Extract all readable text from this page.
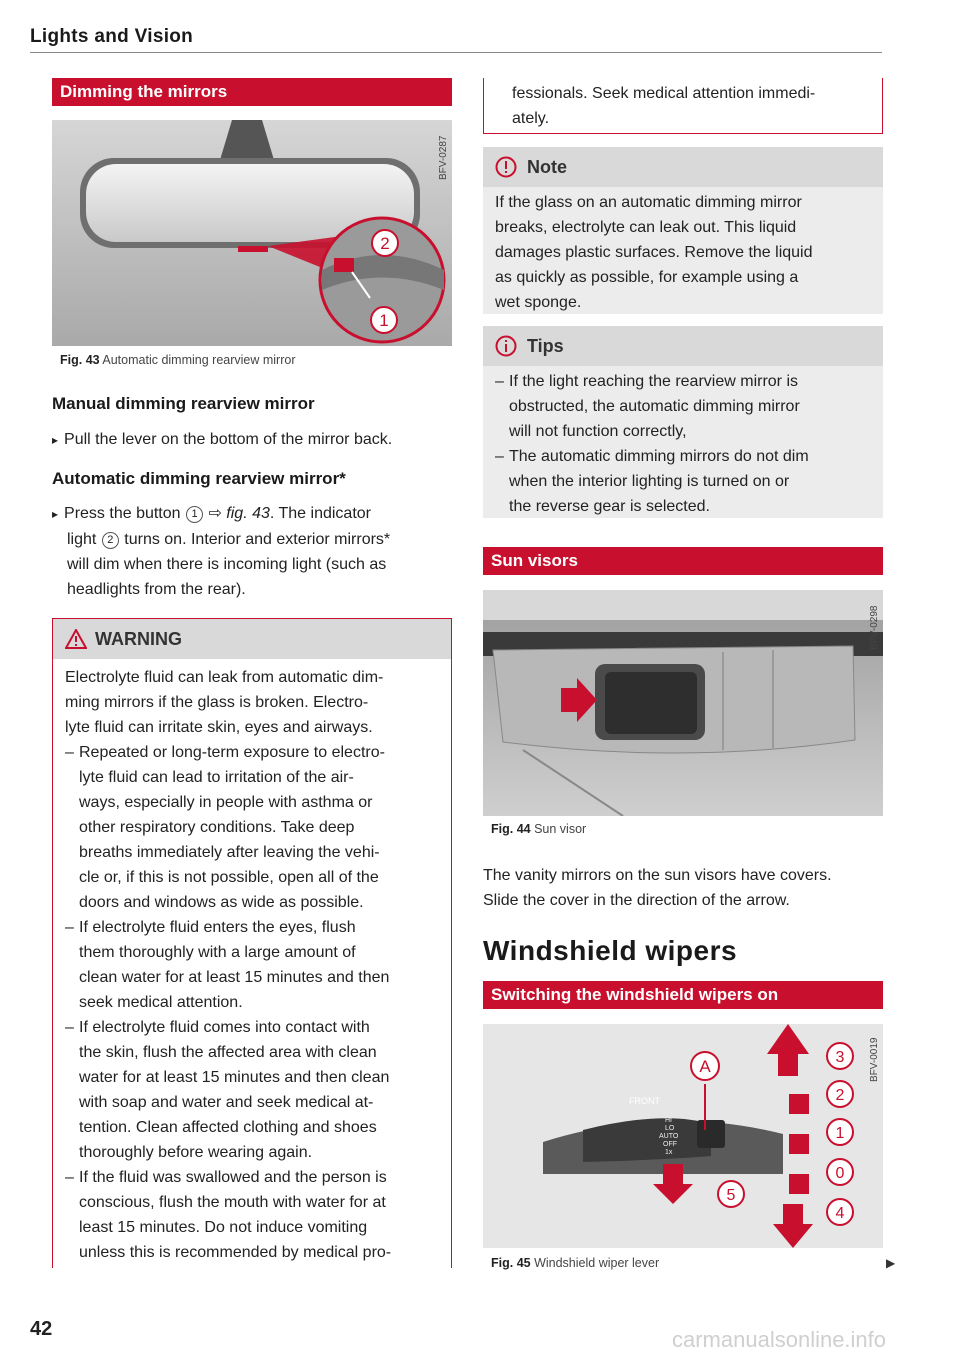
Lights and Vision
Dimming the mirrors
2
1
BFV-0287
Fig. 43 Automatic dimming rearview mirror
Manual dimming rearview mirror
▸ Pull the lever on the bottom of the mirror back.
Automatic dimming rearview mirror*
▸ Press the button 1 ⇨ fig. 43. The indicator
light 2 turns on. Interior and exterior mirrors*
will dim when there is incoming light (such as
headlights from the rear).
WARNING
Electrolyte fluid can leak from automatic dim-
ming mirrors if the glass is broken. Electro-
lyte fluid can irritate skin, eyes and airways.
– Repeated or long-term exposure to electro-
lyte fluid can lead to irritation of the air-
ways, especially in people with asthma or
other respiratory conditions. Take deep
breaths immediately after leaving the vehi-
cle or, if this is not possible, open all of the
doors and windows as wide as possible.
– If electrolyte fluid enters the eyes, flush
them thoroughly with a large amount of
clean water for at least 15 minutes and then
seek medical attention.
– If electrolyte fluid comes into contact with
the skin, flush the affected area with clean
water for at least 15 minutes and then clean
with soap and water and seek medical at-
tention. Clean affected clothing and shoes
thoroughly before wearing again.
– If the fluid was swallowed and the person is
conscious, flush the mouth with water for at
least 15 minutes. Do not induce vomiting
unless this is recommended by medical pro-
42
fessionals. Seek medical attention immedi-
ately.
Note
If the glass on an automatic dimming mirror
breaks, electrolyte can leak out. This liquid
damages plastic surfaces. Remove the liquid
as quickly as possible, for example using a
wet sponge.
Tips
– If the light reaching the rearview mirror is
obstructed, the automatic dimming mirror
will not function correctly,
– The automatic dimming mirrors do not dim
when the interior lighting is turned on or
the reverse gear is selected.
Sun visors
BFV-0298
Fig. 44 Sun visor
The vanity mirrors on the sun visors have covers.
Slide the cover in the direction of the arrow.
Windshield wipers
Switching the windshield wipers on
FRONT
HI
LO
AUTO
OFF
1x
A	3
2
1
0
4
5
BFV-0019
Fig. 45 Windshield wiper lever	▶
carmanualsonline.info
